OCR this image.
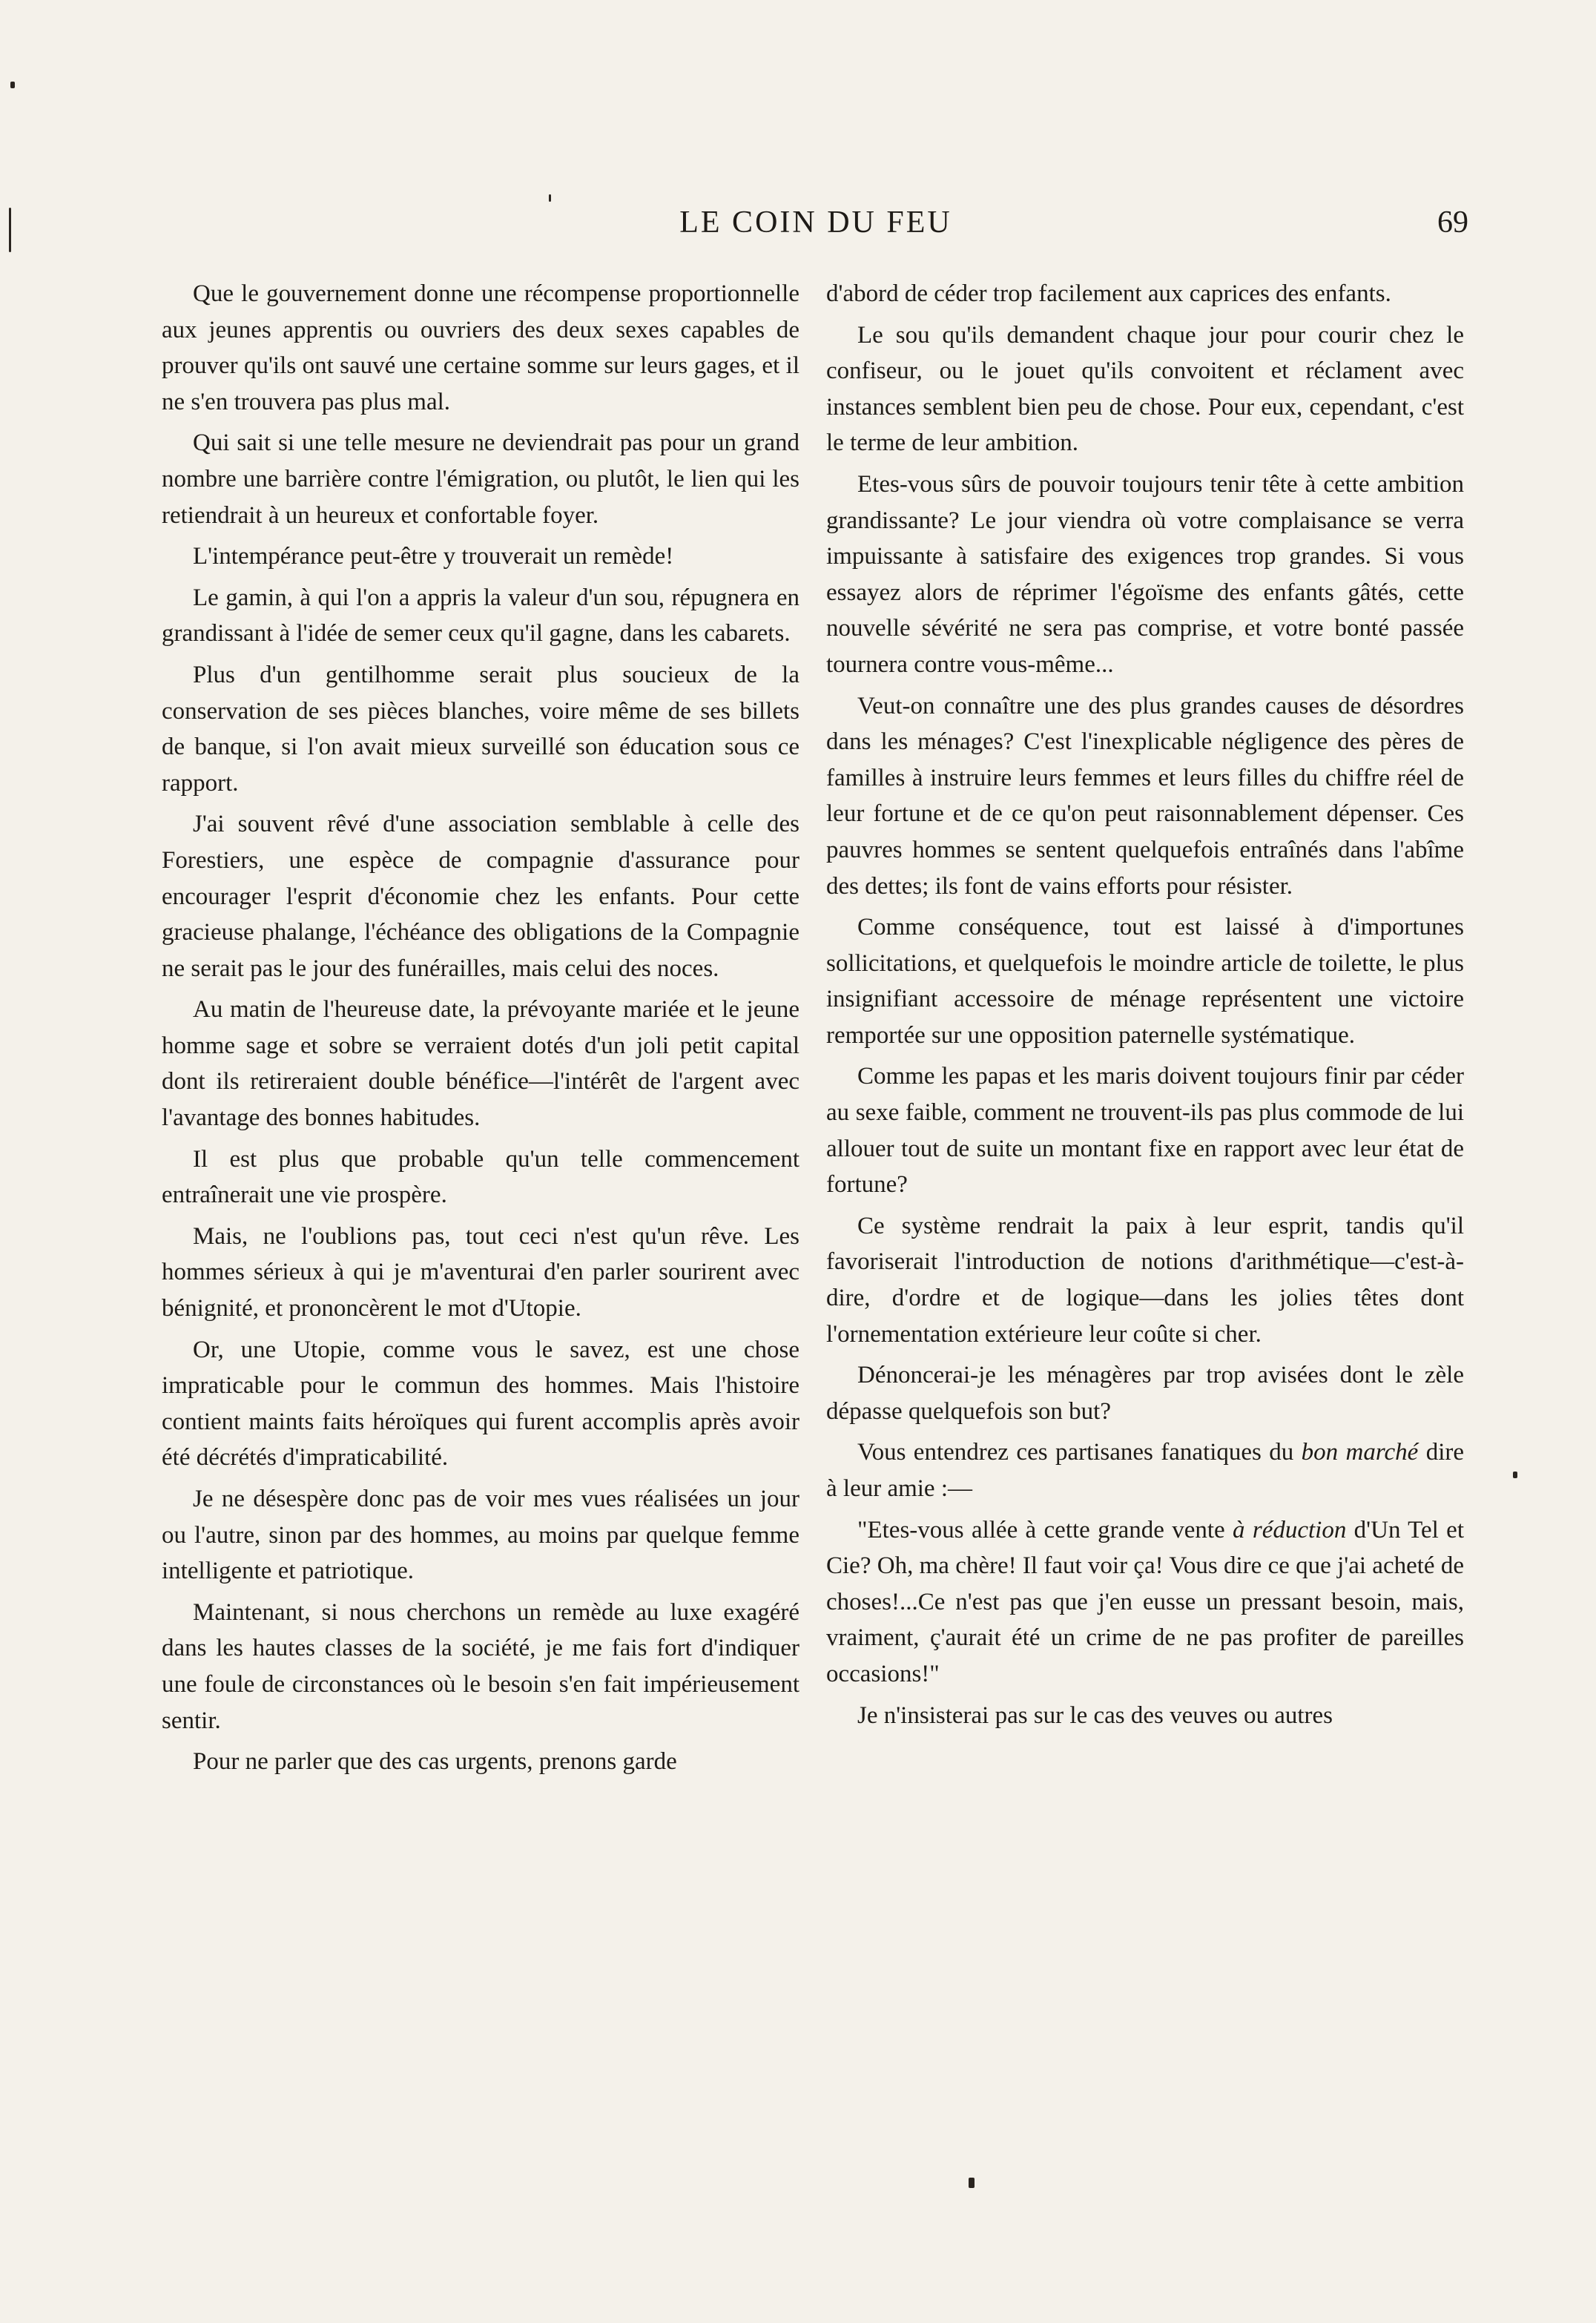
LE COIN DU FEU	69

Que le gouvernement donne une récompense proportionnelle aux jeunes apprentis ou ouvriers des deux sexes capables de prouver qu'ils ont sauvé une certaine somme sur leurs gages, et il ne s'en trouvera pas plus mal.

Qui sait si une telle mesure ne deviendrait pas pour un grand nombre une barrière contre l'émigration, ou plutôt, le lien qui les retiendrait à un heureux et confortable foyer.

L'intempérance peut-être y trouverait un remède!

Le gamin, à qui l'on a appris la valeur d'un sou, répugnera en grandissant à l'idée de semer ceux qu'il gagne, dans les cabarets.

Plus d'un gentilhomme serait plus soucieux de la conservation de ses pièces blanches, voire même de ses billets de banque, si l'on avait mieux surveillé son éducation sous ce rapport.

J'ai souvent rêvé d'une association semblable à celle des Forestiers, une espèce de compagnie d'assurance pour encourager l'esprit d'économie chez les enfants. Pour cette gracieuse phalange, l'échéance des obligations de la Compagnie ne serait pas le jour des funérailles, mais celui des noces.

Au matin de l'heureuse date, la prévoyante mariée et le jeune homme sage et sobre se verraient dotés d'un joli petit capital dont ils retireraient double bénéfice—l'intérêt de l'argent avec l'avantage des bonnes habitudes.

Il est plus que probable qu'un telle commencement entraînerait une vie prospère.

Mais, ne l'oublions pas, tout ceci n'est qu'un rêve. Les hommes sérieux à qui je m'aventurai d'en parler sourirent avec bénignité, et prononcèrent le mot d'Utopie.

Or, une Utopie, comme vous le savez, est une chose impraticable pour le commun des hommes. Mais l'histoire contient maints faits héroïques qui furent accomplis après avoir été décrétés d'impraticabilité.

Je ne désespère donc pas de voir mes vues réalisées un jour ou l'autre, sinon par des hommes, au moins par quelque femme intelligente et patriotique.

Maintenant, si nous cherchons un remède au luxe exagéré dans les hautes classes de la société, je me fais fort d'indiquer une foule de circonstances où le besoin s'en fait impérieusement sentir.

Pour ne parler que des cas urgents, prenons garde

d'abord de céder trop facilement aux caprices des enfants.

Le sou qu'ils demandent chaque jour pour courir chez le confiseur, ou le jouet qu'ils convoitent et réclament avec instances semblent bien peu de chose. Pour eux, cependant, c'est le terme de leur ambition.

Etes-vous sûrs de pouvoir toujours tenir tête à cette ambition grandissante? Le jour viendra où votre complaisance se verra impuissante à satisfaire des exigences trop grandes. Si vous essayez alors de réprimer l'égoïsme des enfants gâtés, cette nouvelle sévérité ne sera pas comprise, et votre bonté passée tournera contre vous-même...

Veut-on connaître une des plus grandes causes de désordres dans les ménages? C'est l'inexplicable négligence des pères de familles à instruire leurs femmes et leurs filles du chiffre réel de leur fortune et de ce qu'on peut raisonnablement dépenser. Ces pauvres hommes se sentent quelquefois entraînés dans l'abîme des dettes; ils font de vains efforts pour résister.

Comme conséquence, tout est laissé à d'importunes sollicitations, et quelquefois le moindre article de toilette, le plus insignifiant accessoire de ménage représentent une victoire remportée sur une opposition paternelle systématique.

Comme les papas et les maris doivent toujours finir par céder au sexe faible, comment ne trouvent-ils pas plus commode de lui allouer tout de suite un montant fixe en rapport avec leur état de fortune?

Ce système rendrait la paix à leur esprit, tandis qu'il favoriserait l'introduction de notions d'arithmétique—c'est-à-dire, d'ordre et de logique—dans les jolies têtes dont l'ornementation extérieure leur coûte si cher.

Dénoncerai-je les ménagères par trop avisées dont le zèle dépasse quelquefois son but?

Vous entendrez ces partisanes fanatiques du bon marché dire à leur amie :—

"Etes-vous allée à cette grande vente à réduction d'Un Tel et Cie? Oh, ma chère! Il faut voir ça! Vous dire ce que j'ai acheté de choses!...Ce n'est pas que j'en eusse un pressant besoin, mais, vraiment, ç'aurait été un crime de ne pas profiter de pareilles occasions!"

Je n'insisterai pas sur le cas des veuves ou autres
